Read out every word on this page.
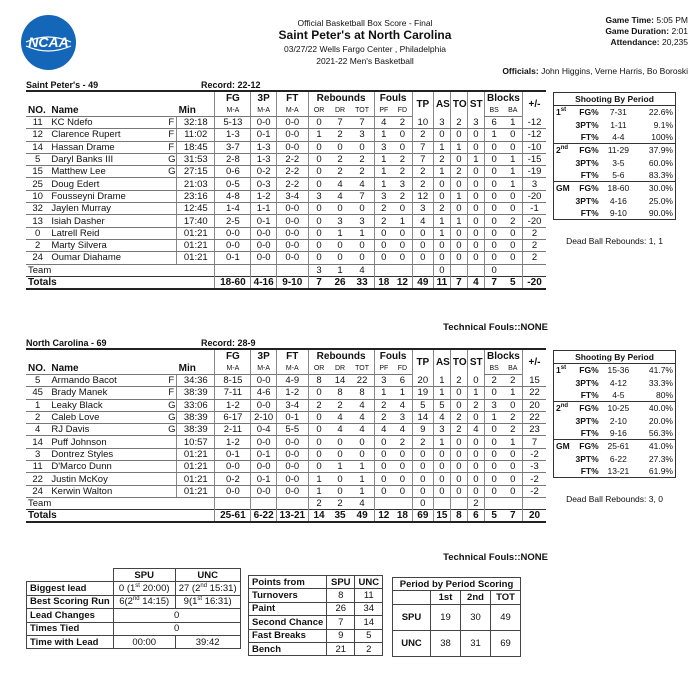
NCAA
Official Basketball Box Score - Final
Saint Peter's at North Carolina
03/27/22 Wells Fargo Center , Philadelphia
2021-22 Men's Basketball
Game Time: 5:05 PM
Game Duration: 2:01
Attendance: 20,235
Officials: John Higgins, Verne Harris, Bo Boroski
Saint Peter's - 49	Record: 22-12
				FG	3P	FT	Rebounds			Fouls		TP	AS	TO	ST	Blocks		+/-
NO.	Name		Min	M-A	M-A	M-A	OR	DR	TOT	PF	FD					BS	BA	
11	KC Ndefo	F	32:18	5-13	0-0	0-0	0	7	7	4	2	10	3	2	3	6	1	-12
12	Clarence Rupert	F	11:02	1-3	0-1	0-0	1	2	3	1	0	2	0	0	0	1	0	-12
14	Hassan Drame	F	18:45	3-7	1-3	0-0	0	0	0	3	0	7	1	1	0	0	0	-10
5	Daryl Banks III	G	31:53	2-8	1-3	2-2	0	2	2	1	2	7	2	0	1	0	1	-15
15	Matthew Lee	G	27:15	0-6	0-2	2-2	0	2	2	1	2	2	1	2	0	0	1	-19
25	Doug Edert		21:03	0-5	0-3	2-2	0	4	4	1	3	2	0	0	0	0	1	3
10	Fousseyni Drame		23:16	4-8	1-2	3-4	3	4	7	3	2	12	0	1	0	0	0	-20
32	Jaylen Murray		12:45	1-4	1-1	0-0	0	0	0	2	0	3	2	0	0	0	0	-1
13	Isiah Dasher		17:40	2-5	0-1	0-0	0	3	3	2	1	4	1	1	0	0	2	-20
0	Latrell Reid		01:21	0-0	0-0	0-0	0	1	1	0	0	0	1	0	0	0	0	2
2	Marty Silvera		01:21	0-0	0-0	0-0	0	0	0	0	0	0	0	0	0	0	0	2
24	Oumar Diahame		01:21	0-1	0-0	0-0	0	0	0	0	0	0	0	0	0	0	0	2
Team							3	1	4				0			0		
Totals				18-60	4-16	9-10	7	26	33	18	12	49	11	7	4	7	5	-20
Technical Fouls::NONE
Shooting By Period			
1st	FG%	7-31	22.6%
	3PT%	1-11	9.1%
	FT%	4-4	100%
2nd	FG%	11-29	37.9%
	3PT%	3-5	60.0%
	FT%	5-6	83.3%
GM	FG%	18-60	30.0%
	3PT%	4-16	25.0%
	FT%	9-10	90.0%
Dead Ball Rebounds: 1, 1
North Carolina - 69	Record: 28-9
				FG	3P	FT	Rebounds			Fouls		TP	AS	TO	ST	Blocks		+/-
NO.	Name		Min	M-A	M-A	M-A	OR	DR	TOT	PF	FD					BS	BA	
5	Armando Bacot	F	34:36	8-15	0-0	4-9	8	14	22	3	6	20	1	2	0	2	2	15
45	Brady Manek	F	38:39	7-11	4-6	1-2	0	8	8	1	1	19	1	0	1	0	1	22
1	Leaky Black	G	33:06	1-2	0-0	3-4	2	2	4	2	4	5	5	0	2	3	0	20
2	Caleb Love	G	38:39	6-17	2-10	0-1	0	4	4	2	3	14	4	2	0	1	2	22
4	RJ Davis	G	38:39	2-11	0-4	5-5	0	4	4	4	4	9	3	2	4	0	2	23
14	Puff Johnson		10:57	1-2	0-0	0-0	0	0	0	0	2	2	1	0	0	0	1	7
3	Dontrez Styles		01:21	0-1	0-1	0-0	0	0	0	0	0	0	0	0	0	0	0	-2
11	D'Marco Dunn		01:21	0-0	0-0	0-0	0	1	1	0	0	0	0	0	0	0	0	-3
22	Justin McKoy		01:21	0-2	0-1	0-0	1	0	1	0	0	0	0	0	0	0	0	-2
24	Kerwin Walton		01:21	0-0	0-0	0-0	1	0	1	0	0	0	0	0	0	0	0	-2
Team							2	2	4			0			2			
Totals				25-61	6-22	13-21	14	35	49	12	18	69	15	8	6	5	7	20
Technical Fouls::NONE
Shooting By Period			
1st	FG%	15-36	41.7%
	3PT%	4-12	33.3%
	FT%	4-5	80%
2nd	FG%	10-25	40.0%
	3PT%	2-10	20.0%
	FT%	9-16	56.3%
GM	FG%	25-61	41.0%
	3PT%	6-22	27.3%
	FT%	13-21	61.9%
Dead Ball Rebounds: 3, 0
	SPU	UNC
Biggest lead	0 (1st 20:00)	27 (2nd 15:31)
Best Scoring Run	6(2nd 14:15)	9(1st 16:31)
Lead Changes	0	
Times Tied	0	
Time with Lead	00:00	39:42
Points from	SPU	UNC
Turnovers	8	11
Paint	26	34
Second Chance	7	14
Fast Breaks	9	5
Bench	21	2
Period by Period Scoring			
	1st	2nd	TOT
SPU	19	30	49
UNC	38	31	69
